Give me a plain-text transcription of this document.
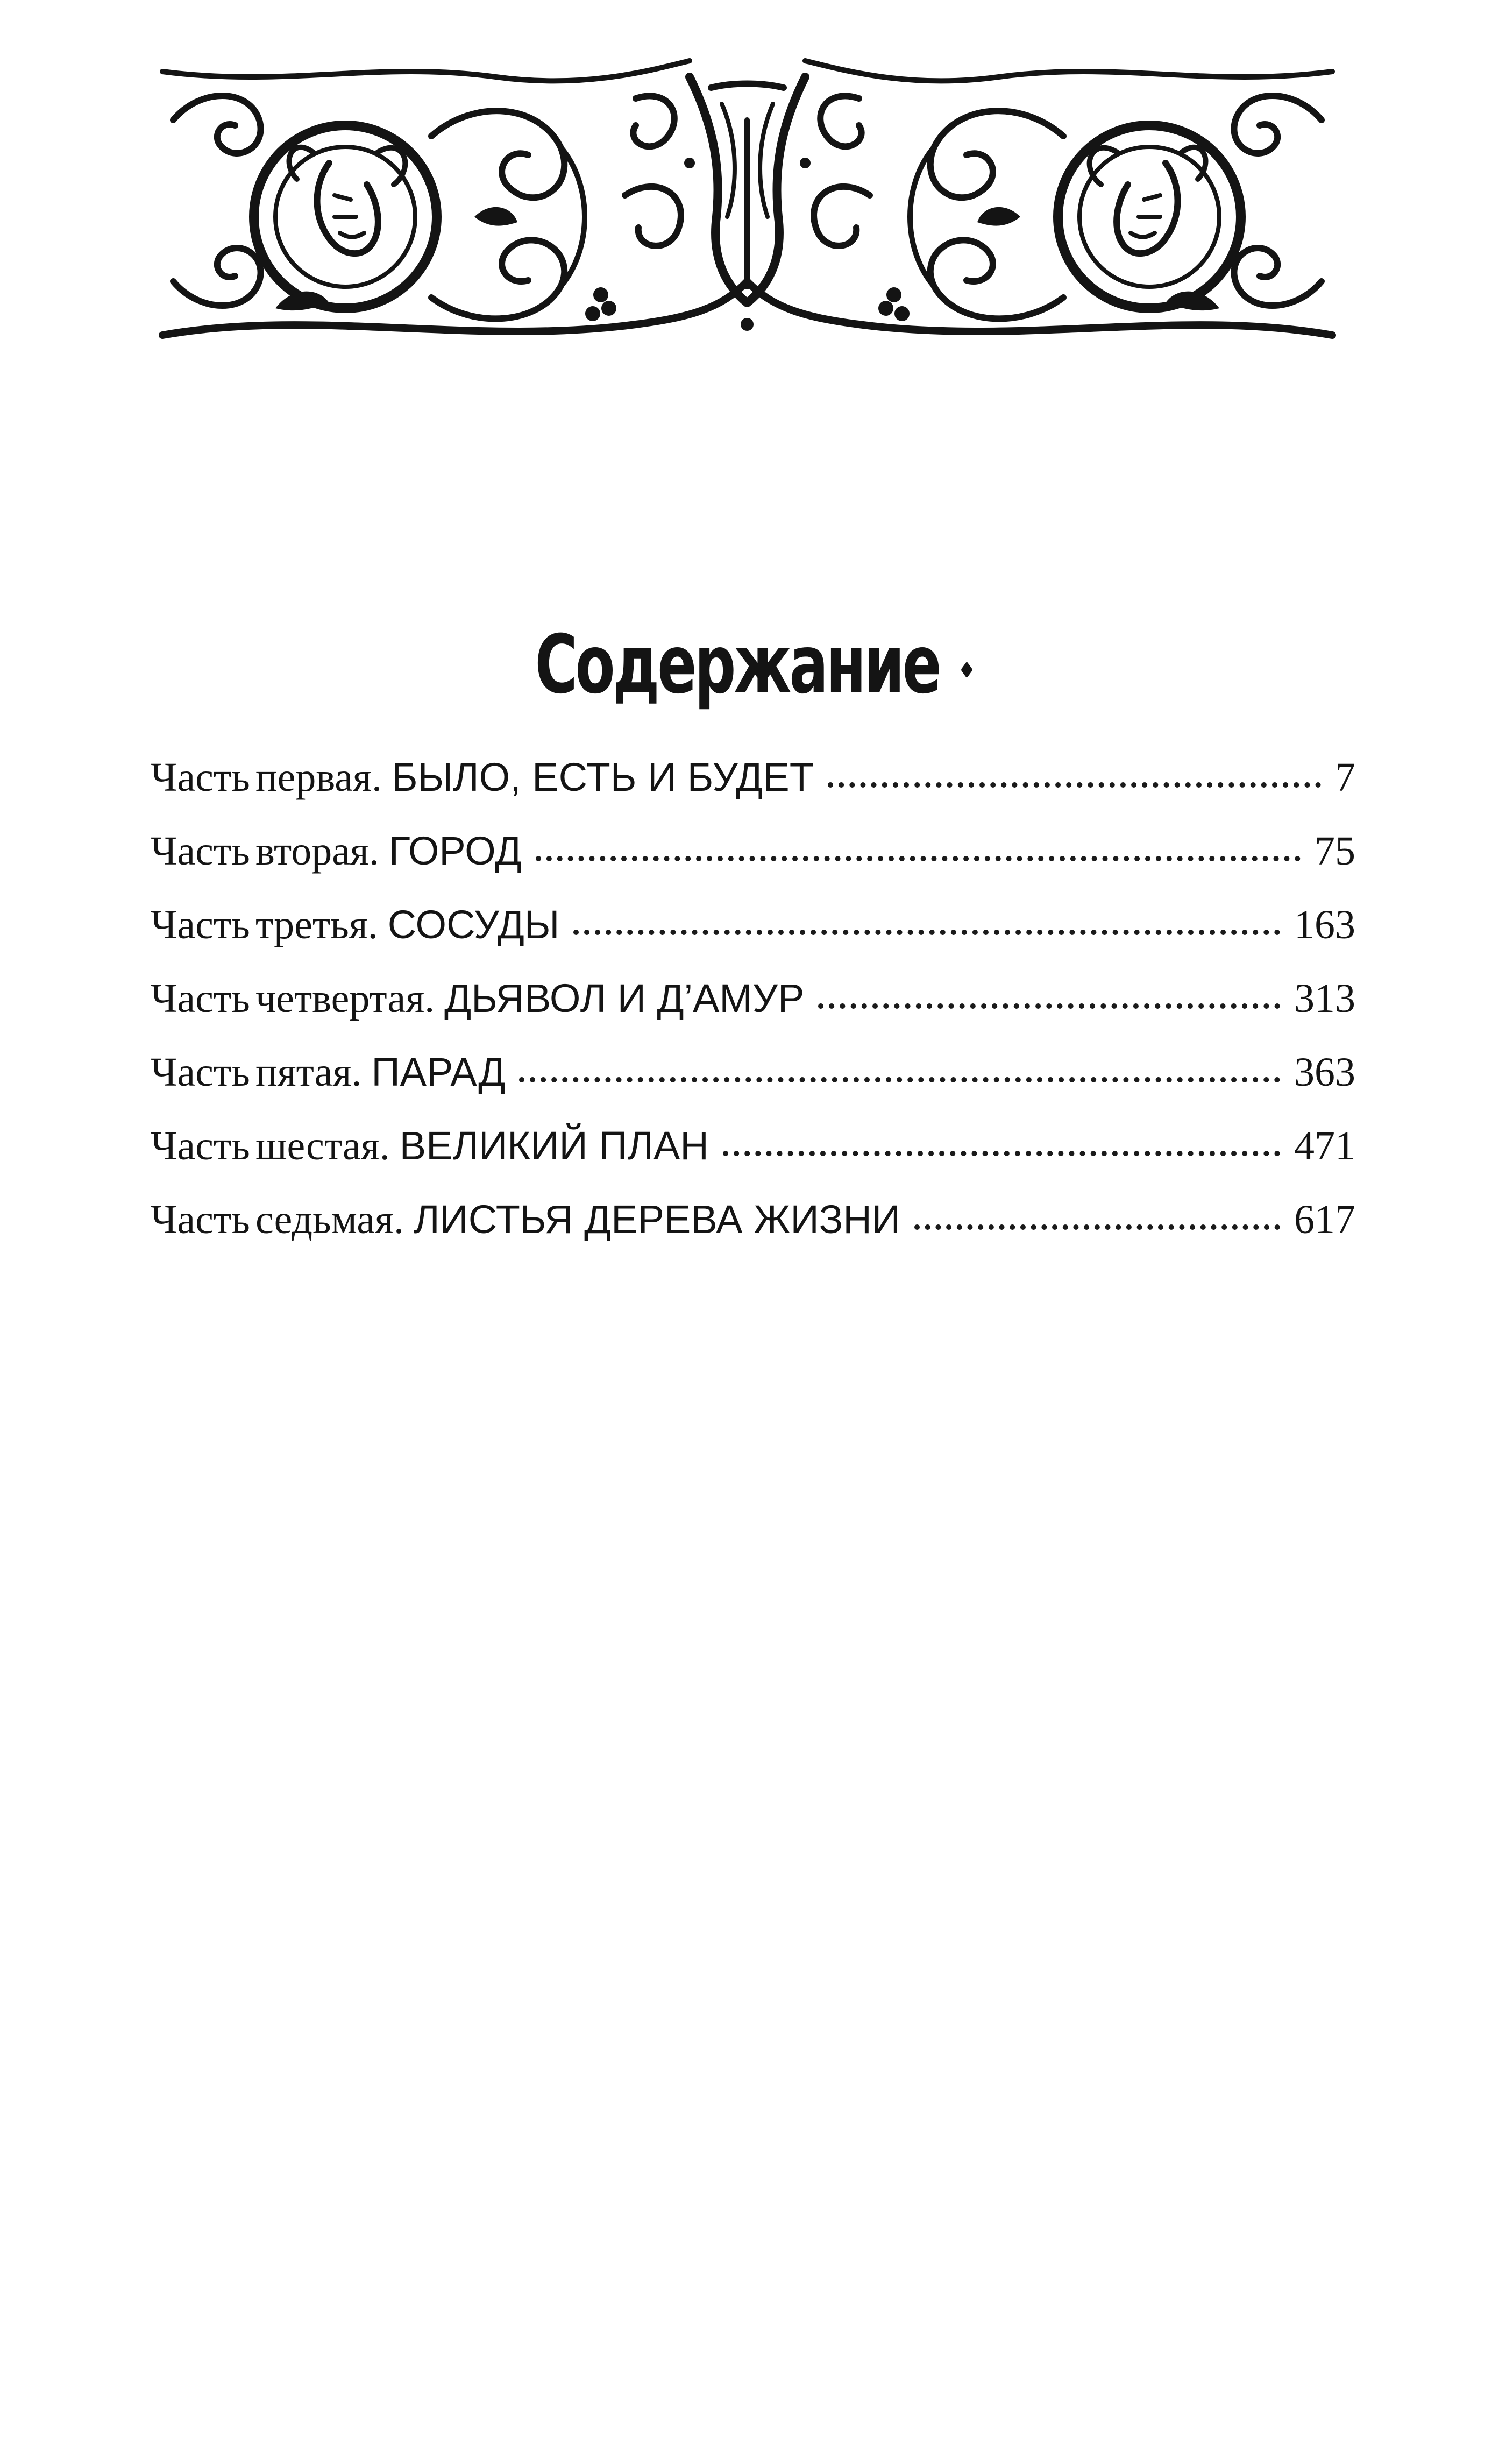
Содержание
Часть первая. БЫЛО, ЕСТЬ И БУДЕТ	7
Часть вторая. ГОРОД	75
Часть третья. СОСУДЫ	163
Часть четвертая. ДЬЯВОЛ И Д’АМУР	313
Часть пятая. ПАРАД	363
Часть шестая. ВЕЛИКИЙ ПЛАН	471
Часть седьмая. ЛИСТЬЯ ДЕРЕВА ЖИЗНИ	617
